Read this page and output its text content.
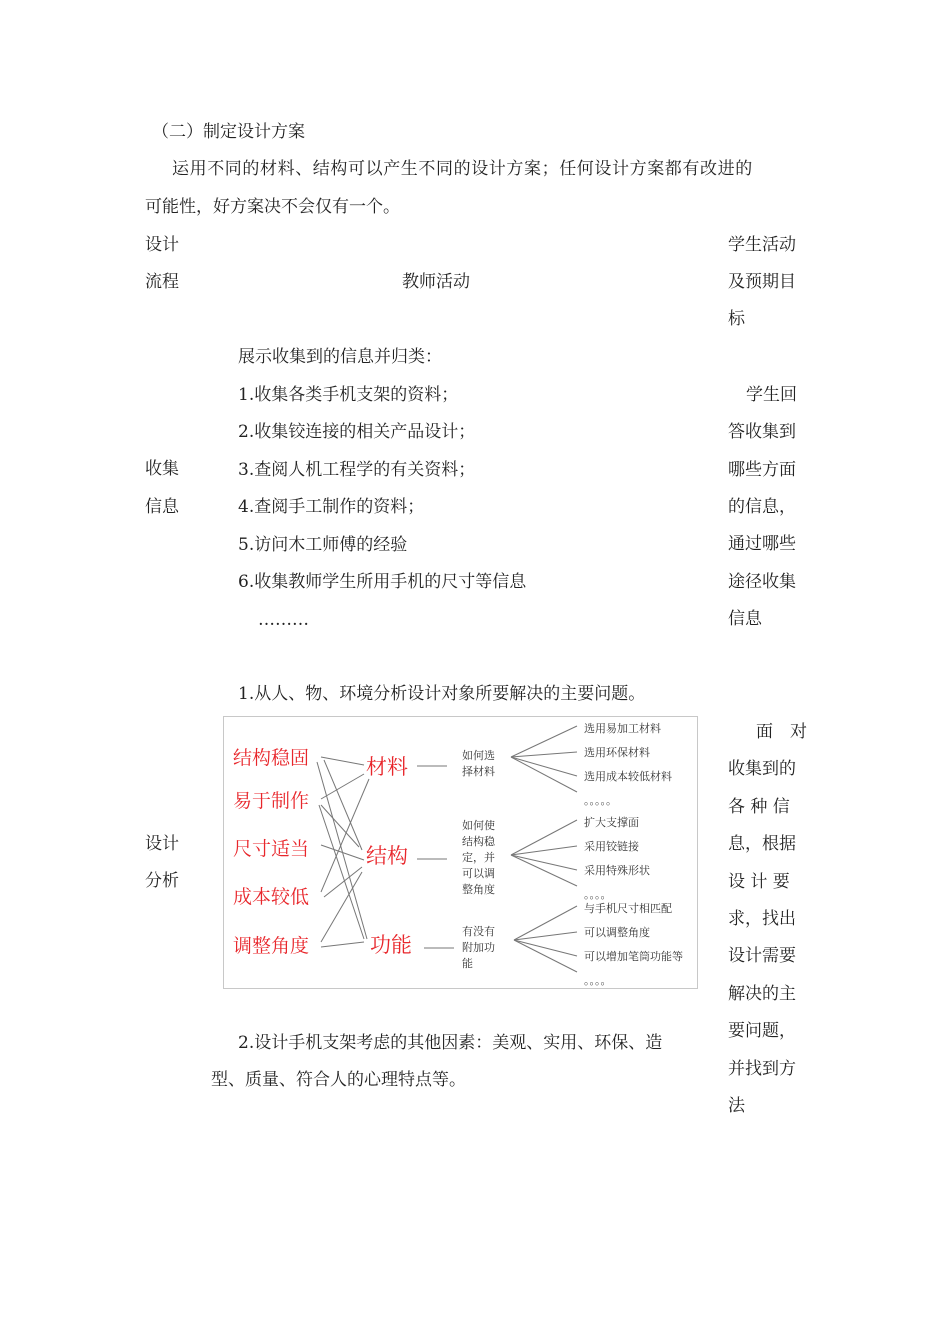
（二）制定设计方案
运用不同的材料、结构可以产生不同的设计方案；任何设计方案都有改进的
可能性，好方案决不会仅有一个。
设计
流程	教师活动
学生活动
及预期目
标
收集
信息
设计
分析
1.从人、物、环境分析设计对象所要解决的主要问题。
2.设计手机支架考虑的其他因素：美观、实用、环保、造
型、质量、符合人的心理特点等。
结构稳固
易于制作
尺寸适当
成本较低
调整角度
材料
结构
功能
如何选
择材料
如何使
结构稳
定，并
可以调
整角度
有没有
附加功
能
选用易加工材料
选用环保材料
选用成本较低材料
。。。。。
扩大支撑面
采用铰链接
采用特殊形状
。。。。
与手机尺寸相匹配
可以调整角度
可以增加笔筒功能等
。。。。
展示收集到的信息并归类：
1.收集各类手机支架的资料；
2.收集铰连接的相关产品设计；
3.查阅人机工程学的有关资料；
4.查阅手工制作的资料；
5.访问木工师傅的经验
6.收集教师学生所用手机的尺寸等信息
………
学生回
答收集到
哪些方面
的信息，
通过哪些
途径收集
信息
面　对
收集到的
各 种 信
息，根据
设 计 要
求，找出
设计需要
解决的主
要问题，
并找到方
法
